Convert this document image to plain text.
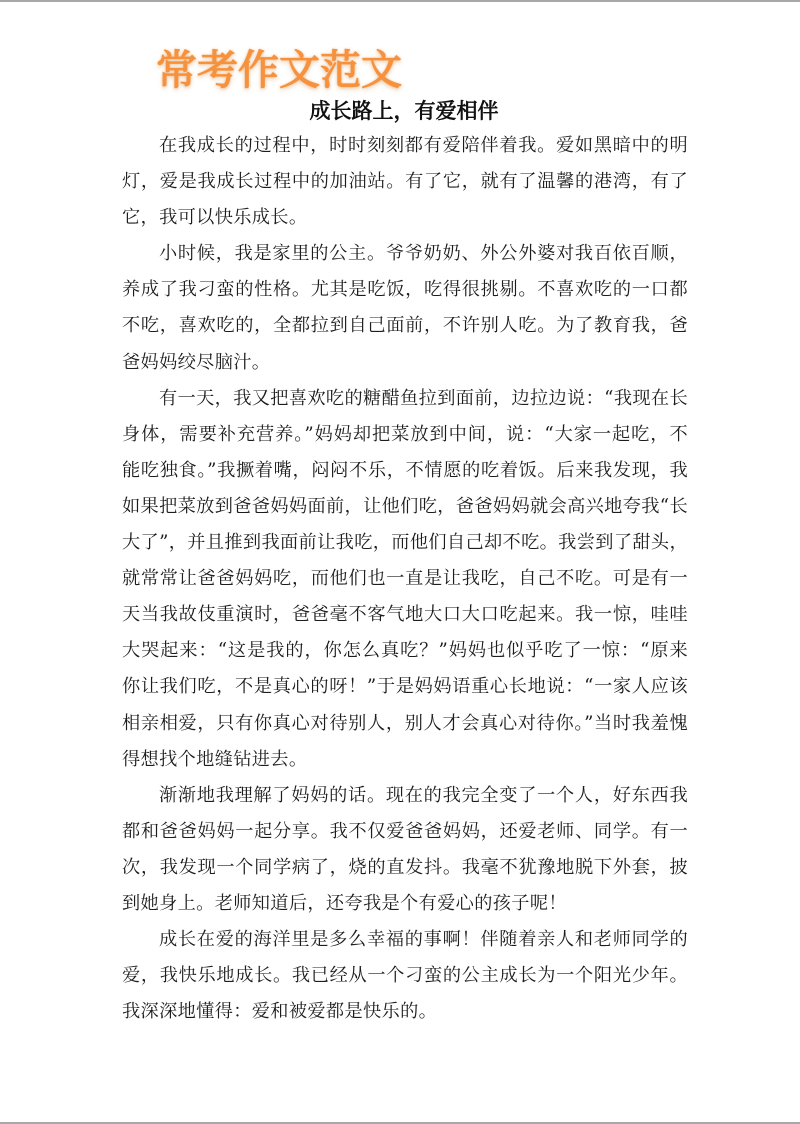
常考作文范文
成长路上，有爱相伴

在我成长的过程中，时时刻刻都有爱陪伴着我。爱如黑暗中的明灯，爱是我成长过程中的加油站。有了它，就有了温馨的港湾，有了它，我可以快乐成长。

小时候，我是家里的公主。爷爷奶奶、外公外婆对我百依百顺，养成了我刁蛮的性格。尤其是吃饭，吃得很挑剔。不喜欢吃的一口都不吃，喜欢吃的，全都拉到自己面前，不许别人吃。为了教育我，爸爸妈妈绞尽脑汁。

有一天，我又把喜欢吃的糖醋鱼拉到面前，边拉边说：“我现在长身体，需要补充营养。”妈妈却把菜放到中间，说：“大家一起吃，不能吃独食。”我撅着嘴，闷闷不乐，不情愿的吃着饭。后来我发现，我如果把菜放到爸爸妈妈面前，让他们吃，爸爸妈妈就会高兴地夸我“长大了”，并且推到我面前让我吃，而他们自己却不吃。我尝到了甜头，就常常让爸爸妈妈吃，而他们也一直是让我吃，自己不吃。可是有一天当我故伎重演时，爸爸毫不客气地大口大口吃起来。我一惊，哇哇大哭起来：“这是我的，你怎么真吃？”妈妈也似乎吃了一惊：“原来你让我们吃，不是真心的呀！”于是妈妈语重心长地说：“一家人应该相亲相爱，只有你真心对待别人，别人才会真心对待你。”当时我羞愧得想找个地缝钻进去。

渐渐地我理解了妈妈的话。现在的我完全变了一个人，好东西我都和爸爸妈妈一起分享。我不仅爱爸爸妈妈，还爱老师、同学。有一次，我发现一个同学病了，烧的直发抖。我毫不犹豫地脱下外套，披到她身上。老师知道后，还夸我是个有爱心的孩子呢！

成长在爱的海洋里是多么幸福的事啊！伴随着亲人和老师同学的爱，我快乐地成长。我已经从一个刁蛮的公主成长为一个阳光少年。我深深地懂得：爱和被爱都是快乐的。
